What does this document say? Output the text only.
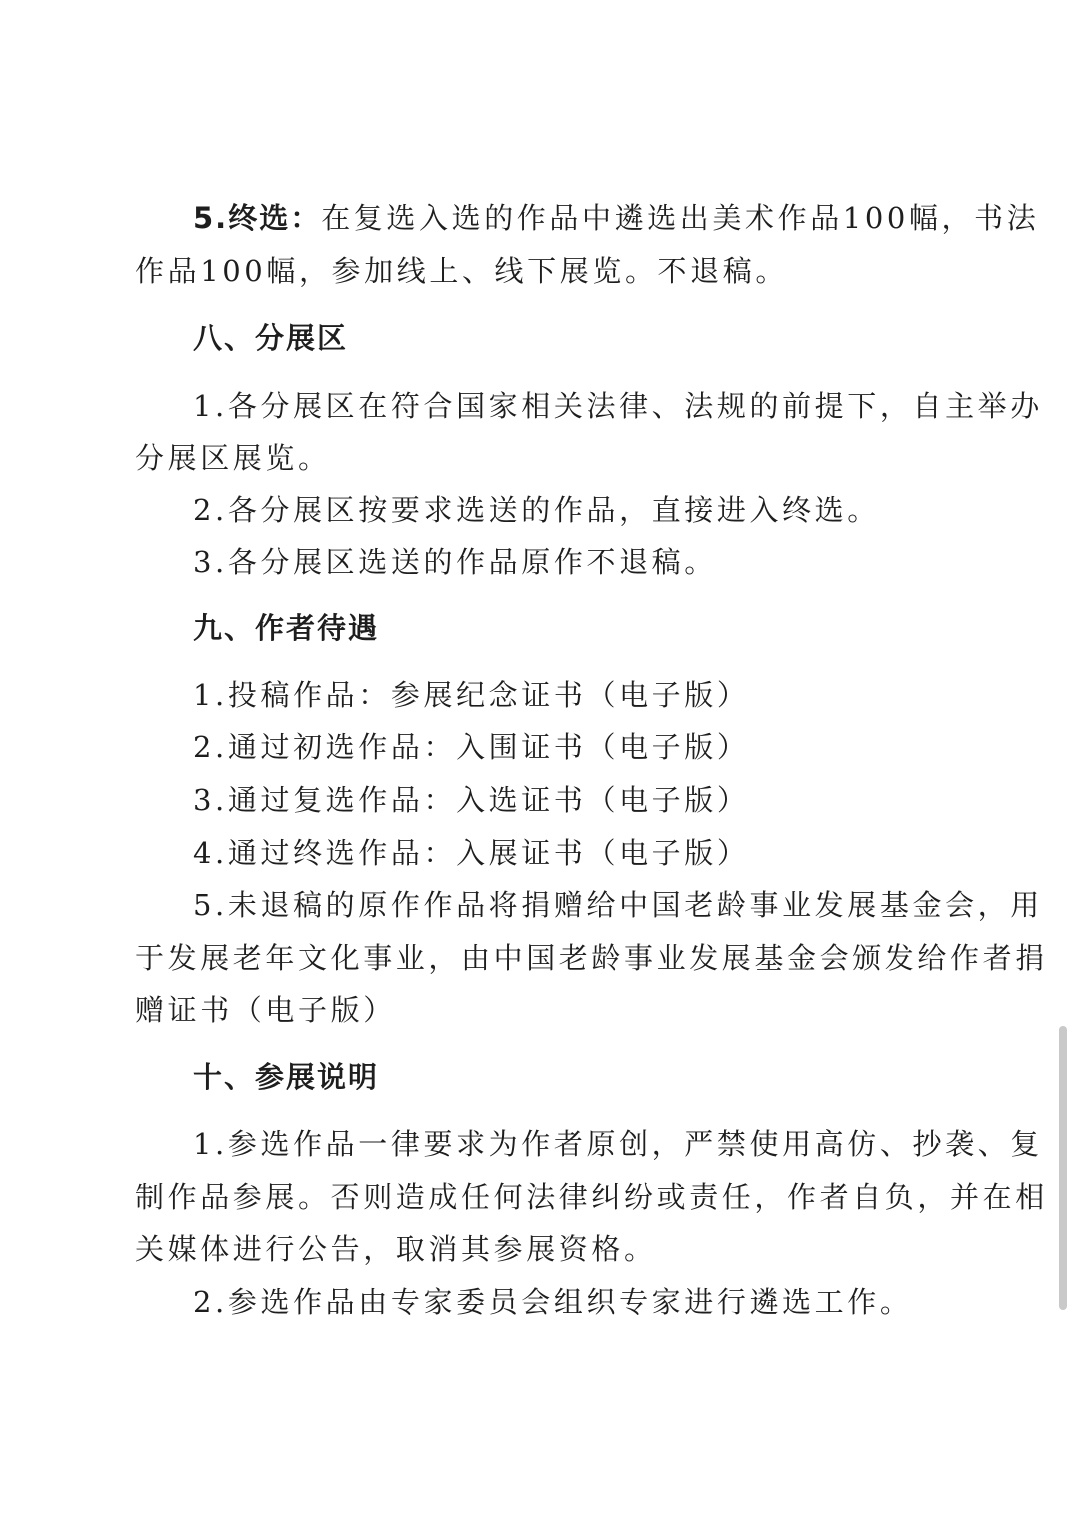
5.终选：在复选入选的作品中遴选出美术作品100幅，书法
作品100幅，参加线上、线下展览。不退稿。
八、分展区
1.各分展区在符合国家相关法律、法规的前提下，自主举办
分展区展览。
2.各分展区按要求选送的作品，直接进入终选。
3.各分展区选送的作品原作不退稿。
九、作者待遇
1.投稿作品：参展纪念证书（电子版）
2.通过初选作品：入围证书（电子版）
3.通过复选作品：入选证书（电子版）
4.通过终选作品：入展证书（电子版）
5.未退稿的原作作品将捐赠给中国老龄事业发展基金会，用
于发展老年文化事业，由中国老龄事业发展基金会颁发给作者捐
赠证书（电子版）
十、参展说明
1.参选作品一律要求为作者原创，严禁使用高仿、抄袭、复
制作品参展。否则造成任何法律纠纷或责任，作者自负，并在相
关媒体进行公告，取消其参展资格。
2.参选作品由专家委员会组织专家进行遴选工作。
